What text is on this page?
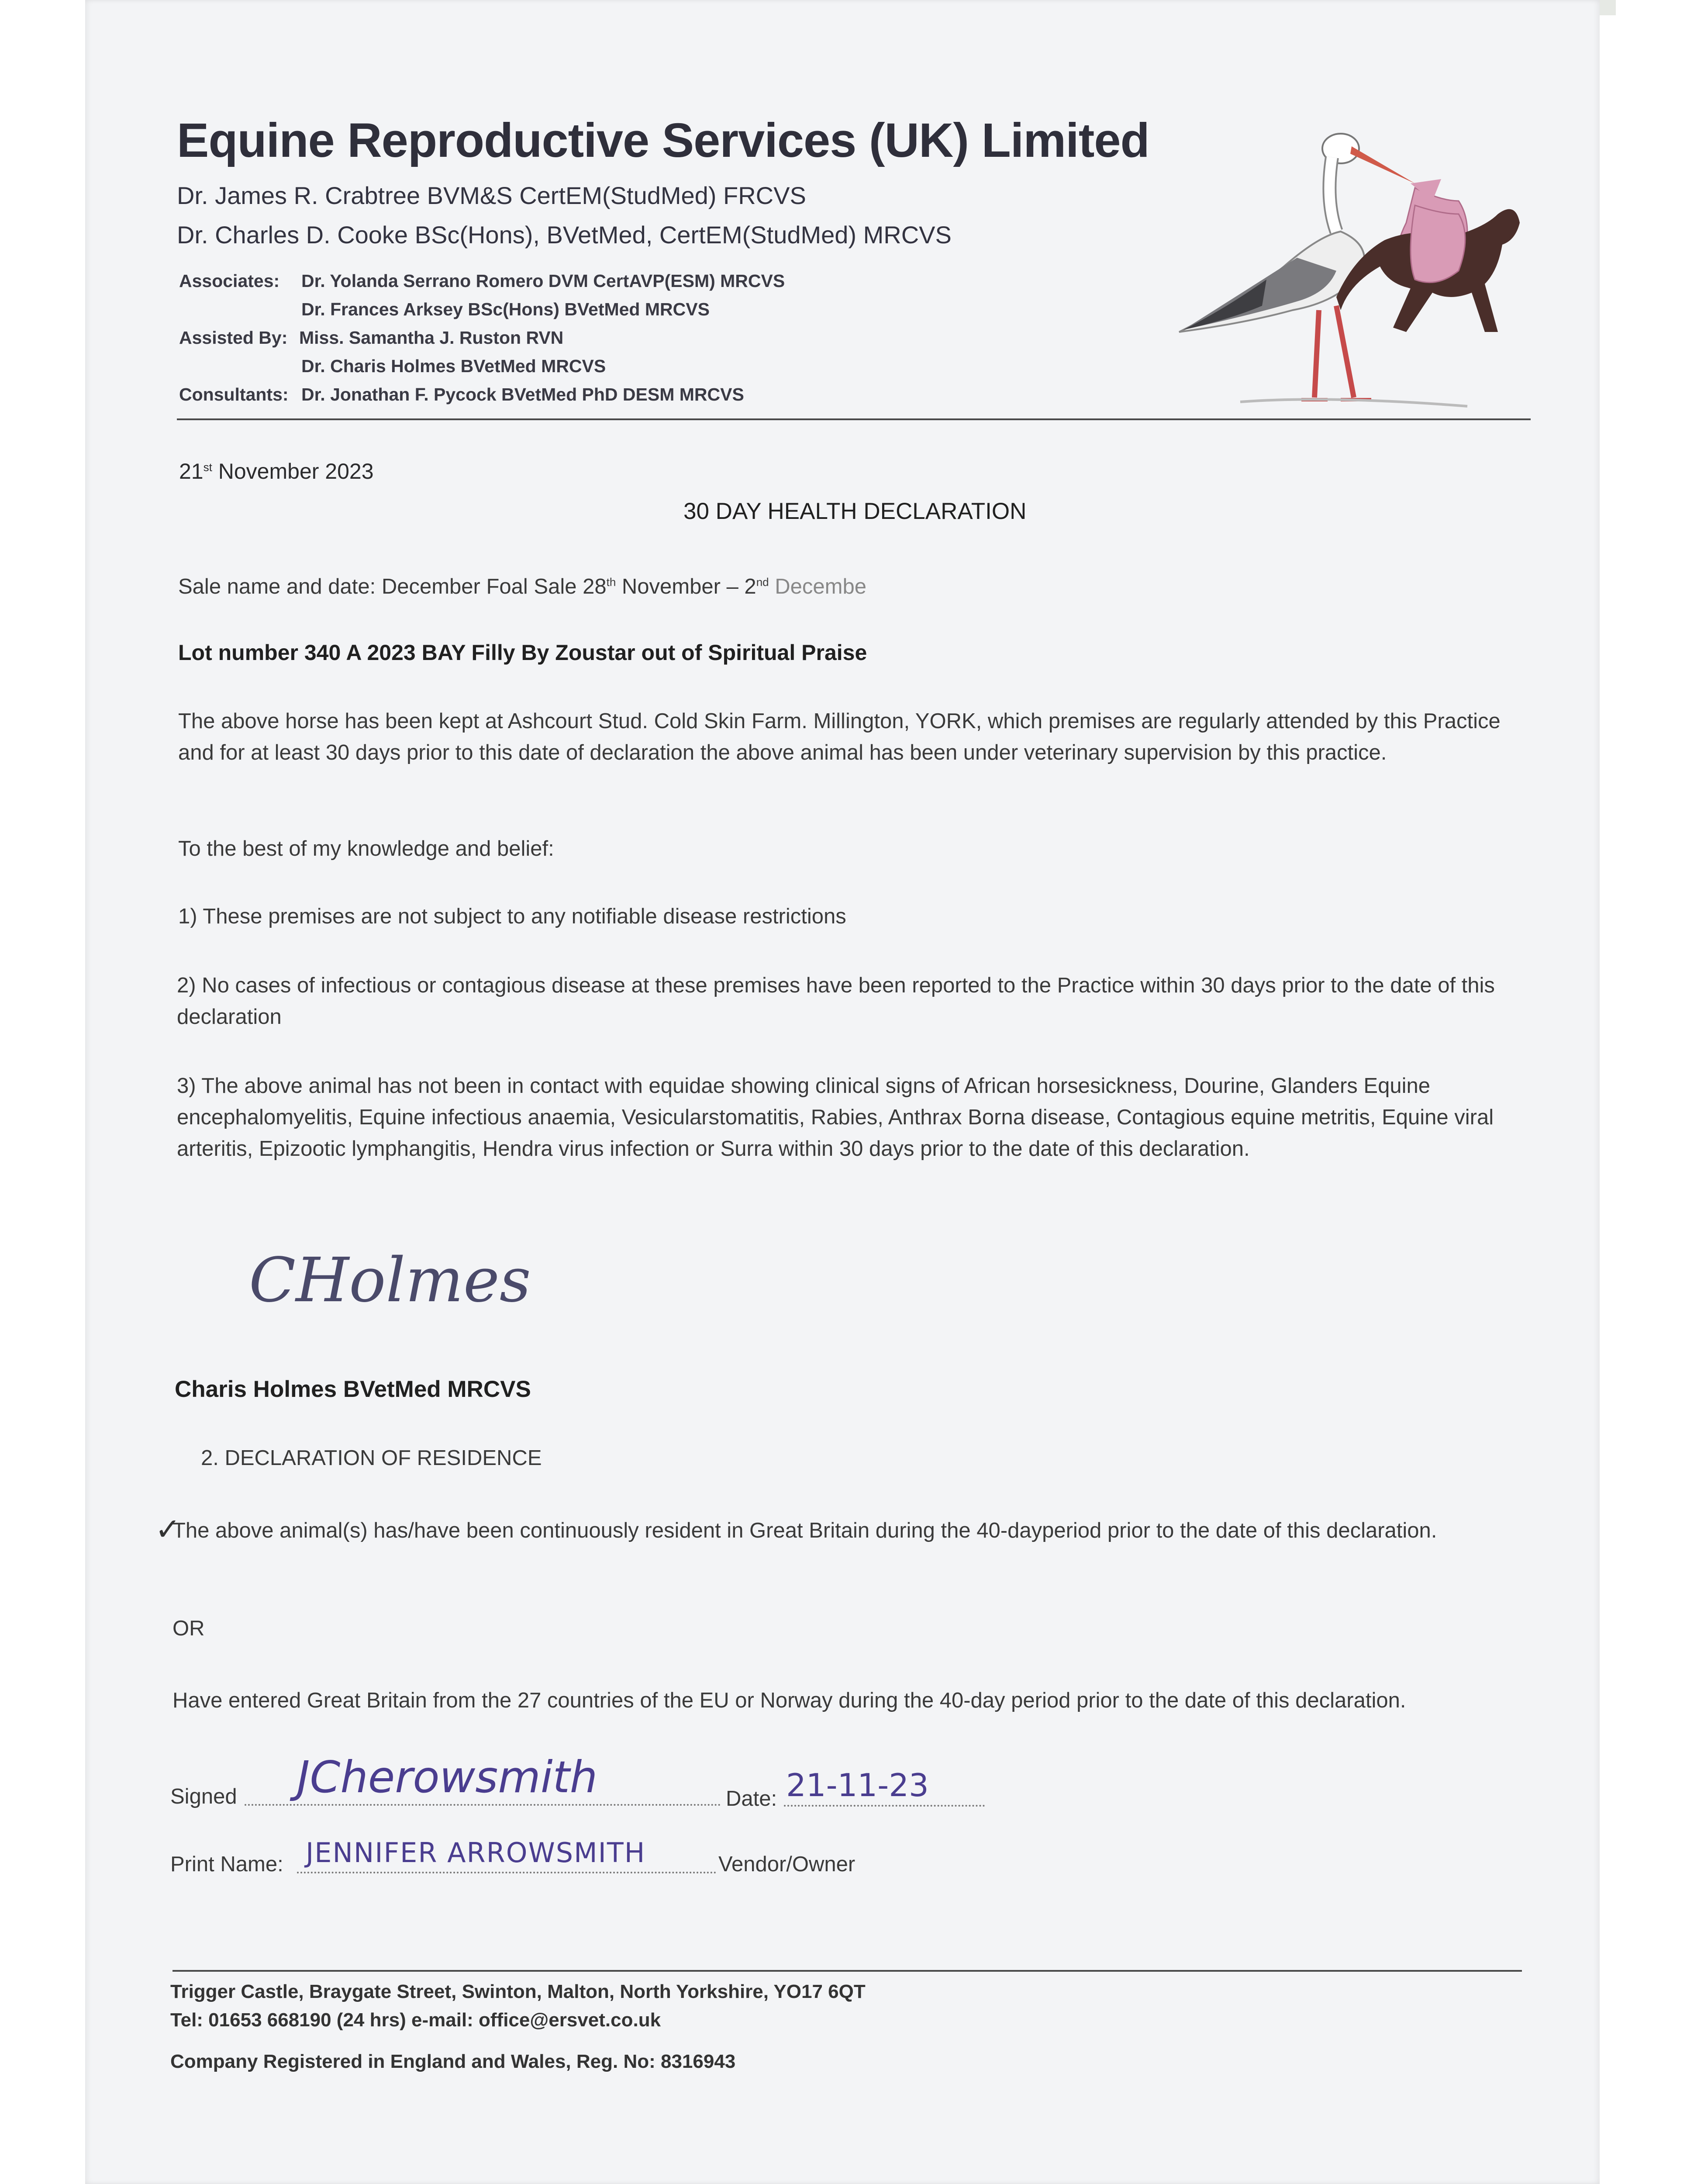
Equine Reproductive Services (UK) Limited
Dr. James R. Crabtree BVM&S CertEM(StudMed) FRCVS
Dr. Charles D. Cooke BSc(Hons), BVetMed, CertEM(StudMed) MRCVS
Associates: Dr. Yolanda Serrano Romero DVM CertAVP(ESM) MRCVS
Dr. Frances Arksey BSc(Hons) BVetMed MRCVS
Assisted By: Miss. Samantha J. Ruston RVN
Dr. Charis Holmes BVetMed MRCVS
Consultants: Dr. Jonathan F. Pycock BVetMed PhD DESM MRCVS
21st November 2023
30 DAY HEALTH DECLARATION
Sale name and date: December Foal Sale 28th November – 2nd Decembe
Lot number 340 A 2023 BAY Filly By Zoustar out of Spiritual Praise
The above horse has been kept at Ashcourt Stud. Cold Skin Farm. Millington, YORK, which premises are regularly attended by this Practice and for at least 30 days prior to this date of declaration the above animal has been under veterinary supervision by this practice.
To the best of my knowledge and belief:
1) These premises are not subject to any notifiable disease restrictions
2) No cases of infectious or contagious disease at these premises have been reported to the Practice within 30 days prior to the date of this declaration
3) The above animal has not been in contact with equidae showing clinical signs of African horsesickness, Dourine, Glanders Equine encephalomyelitis, Equine infectious anaemia, Vesicularstomatitis, Rabies, Anthrax Borna disease, Contagious equine metritis, Equine viral arteritis, Epizootic lymphangitis, Hendra virus infection or Surra within 30 days prior to the date of this declaration.
CHolmes
Charis Holmes BVetMed MRCVS
2. DECLARATION OF RESIDENCE
✓
The above animal(s) has/have been continuously resident in Great Britain during the 40-dayperiod prior to the date of this declaration.
OR
Have entered Great Britain from the 27 countries of the EU or Norway during the 40-day period prior to the date of this declaration.
Signed JCherowsmith	Date: 21-11-23
Print Name: JENNIFER ARROWSMITH	Vendor/Owner
Trigger Castle, Braygate Street, Swinton, Malton, North Yorkshire, YO17 6QT
Tel: 01653 668190 (24 hrs) e-mail: office@ersvet.co.uk
Company Registered in England and Wales, Reg. No: 8316943
